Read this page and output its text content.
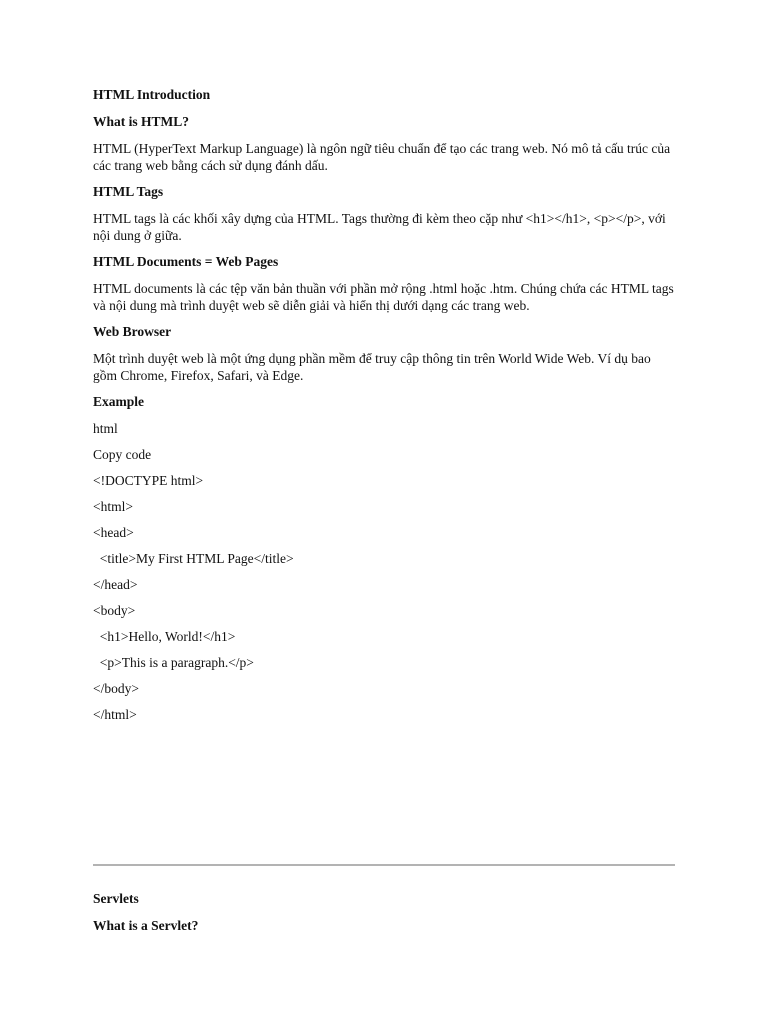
HTML Introduction

What is HTML?

HTML (HyperText Markup Language) là ngôn ngữ tiêu chuẩn để tạo các trang web. Nó mô tả cấu trúc của các trang web bằng cách sử dụng đánh dấu.

HTML Tags

HTML tags là các khối xây dựng của HTML. Tags thường đi kèm theo cặp như <h1></h1>, <p></p>, với nội dung ở giữa.

HTML Documents = Web Pages

HTML documents là các tệp văn bản thuần với phần mở rộng .html hoặc .htm. Chúng chứa các HTML tags và nội dung mà trình duyệt web sẽ diễn giải và hiển thị dưới dạng các trang web.

Web Browser

Một trình duyệt web là một ứng dụng phần mềm để truy cập thông tin trên World Wide Web. Ví dụ bao gồm Chrome, Firefox, Safari, và Edge.

Example

html

Copy code

<!DOCTYPE html>

<html>

<head>

<title>My First HTML Page</title>

</head>

<body>

<h1>Hello, World!</h1>

<p>This is a paragraph.</p>

</body>

</html>

Servlets

What is a Servlet?
